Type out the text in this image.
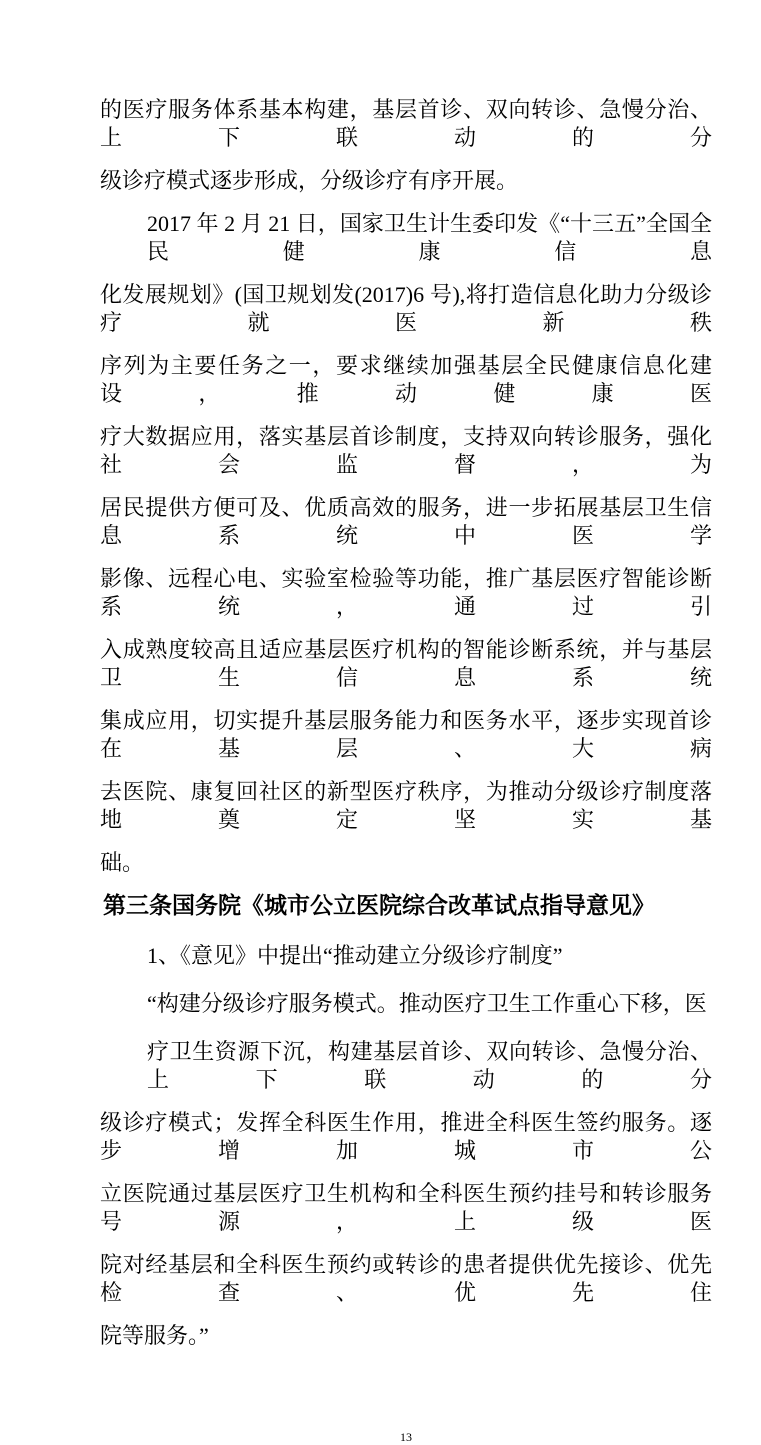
的医疗服务体系基本构建，基层首诊、双向转诊、急慢分治、上下联动的分
级诊疗模式逐步形成，分级诊疗有序开展。
2017 年 2 月 21 日，国家卫生计生委印发《“十三五”全国全民健康信息
化发展规划》(国卫规划发(2017)6 号),将打造信息化助力分级诊疗就医新秩
序列为主要任务之一，要求继续加强基层全民健康信息化建设，推动健康医
疗大数据应用，落实基层首诊制度，支持双向转诊服务，强化社会监督，为
居民提供方便可及、优质高效的服务，进一步拓展基层卫生信息系统中医学
影像、远程心电、实验室检验等功能，推广基层医疗智能诊断系统，通过引
入成熟度较高且适应基层医疗机构的智能诊断系统，并与基层卫生信息系统
集成应用，切实提升基层服务能力和医务水平，逐步实现首诊在基层、大病
去医院、康复回社区的新型医疗秩序，为推动分级诊疗制度落地奠定坚实基
础。
第三条国务院《城市公立医院综合改革试点指导意见》
1、《意见》中提出“推动建立分级诊疗制度”
“构建分级诊疗服务模式。推动医疗卫生工作重心下移，医
疗卫生资源下沉，构建基层首诊、双向转诊、急慢分治、上下联动的分
级诊疗模式；发挥全科医生作用，推进全科医生签约服务。逐步增加城市公
立医院通过基层医疗卫生机构和全科医生预约挂号和转诊服务号源，上级医
院对经基层和全科医生预约或转诊的患者提供优先接诊、优先检查、优先住
院等服务。”
13
